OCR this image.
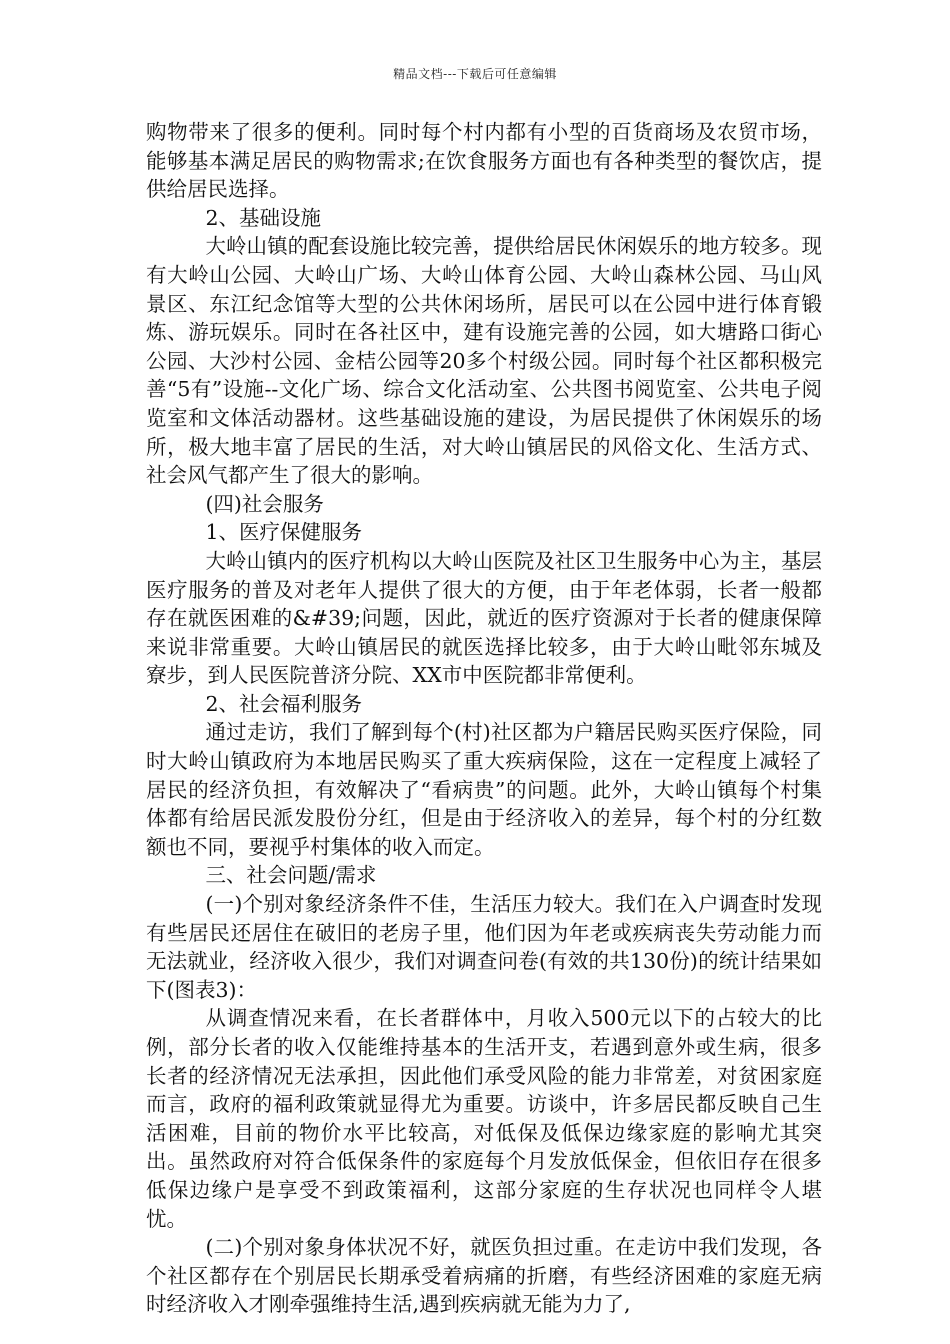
精品文档---下载后可任意编辑

购物带来了很多的便利。同时每个村内都有小型的百货商场及农贸市场，能够基本满足居民的购物需求;在饮食服务方面也有各种类型的餐饮店，提供给居民选择。

2、基础设施

大岭山镇的配套设施比较完善，提供给居民休闲娱乐的地方较多。现有大岭山公园、大岭山广场、大岭山体育公园、大岭山森林公园、马山风景区、东江纪念馆等大型的公共休闲场所，居民可以在公园中进行体育锻炼、游玩娱乐。同时在各社区中，建有设施完善的公园，如大塘路口街心公园、大沙村公园、金桔公园等20多个村级公园。同时每个社区都积极完善“5有”设施--文化广场、综合文化活动室、公共图书阅览室、公共电子阅览室和文体活动器材。这些基础设施的建设，为居民提供了休闲娱乐的场所，极大地丰富了居民的生活，对大岭山镇居民的风俗文化、生活方式、社会风气都产生了很大的影响。

(四)社会服务

1、医疗保健服务

大岭山镇内的医疗机构以大岭山医院及社区卫生服务中心为主，基层医疗服务的普及对老年人提供了很大的方便，由于年老体弱，长者一般都存在就医困难的&#39;问题，因此，就近的医疗资源对于长者的健康保障来说非常重要。大岭山镇居民的就医选择比较多，由于大岭山毗邻东城及寮步，到人民医院普济分院、XX市中医院都非常便利。

2、社会福利服务

通过走访，我们了解到每个(村)社区都为户籍居民购买医疗保险，同时大岭山镇政府为本地居民购买了重大疾病保险，这在一定程度上减轻了居民的经济负担，有效解决了“看病贵”的问题。此外，大岭山镇每个村集体都有给居民派发股份分红，但是由于经济收入的差异，每个村的分红数额也不同，要视乎村集体的收入而定。

三、社会问题/需求

(一)个别对象经济条件不佳，生活压力较大。我们在入户调查时发现有些居民还居住在破旧的老房子里，他们因为年老或疾病丧失劳动能力而无法就业，经济收入很少，我们对调查问卷(有效的共130份)的统计结果如下(图表3)：

从调查情况来看，在长者群体中，月收入500元以下的占较大的比例，部分长者的收入仅能维持基本的生活开支，若遇到意外或生病，很多长者的经济情况无法承担，因此他们承受风险的能力非常差，对贫困家庭而言，政府的福利政策就显得尤为重要。访谈中，许多居民都反映自己生活困难，目前的物价水平比较高，对低保及低保边缘家庭的影响尤其突出。虽然政府对符合低保条件的家庭每个月发放低保金，但依旧存在很多低保边缘户是享受不到政策福利，这部分家庭的生存状况也同样令人堪忧。

(二)个别对象身体状况不好，就医负担过重。在走访中我们发现，各个社区都存在个别居民长期承受着病痛的折磨，有些经济困难的家庭无病时经济收入才刚牵强维持生活,遇到疾病就无能为力了,
